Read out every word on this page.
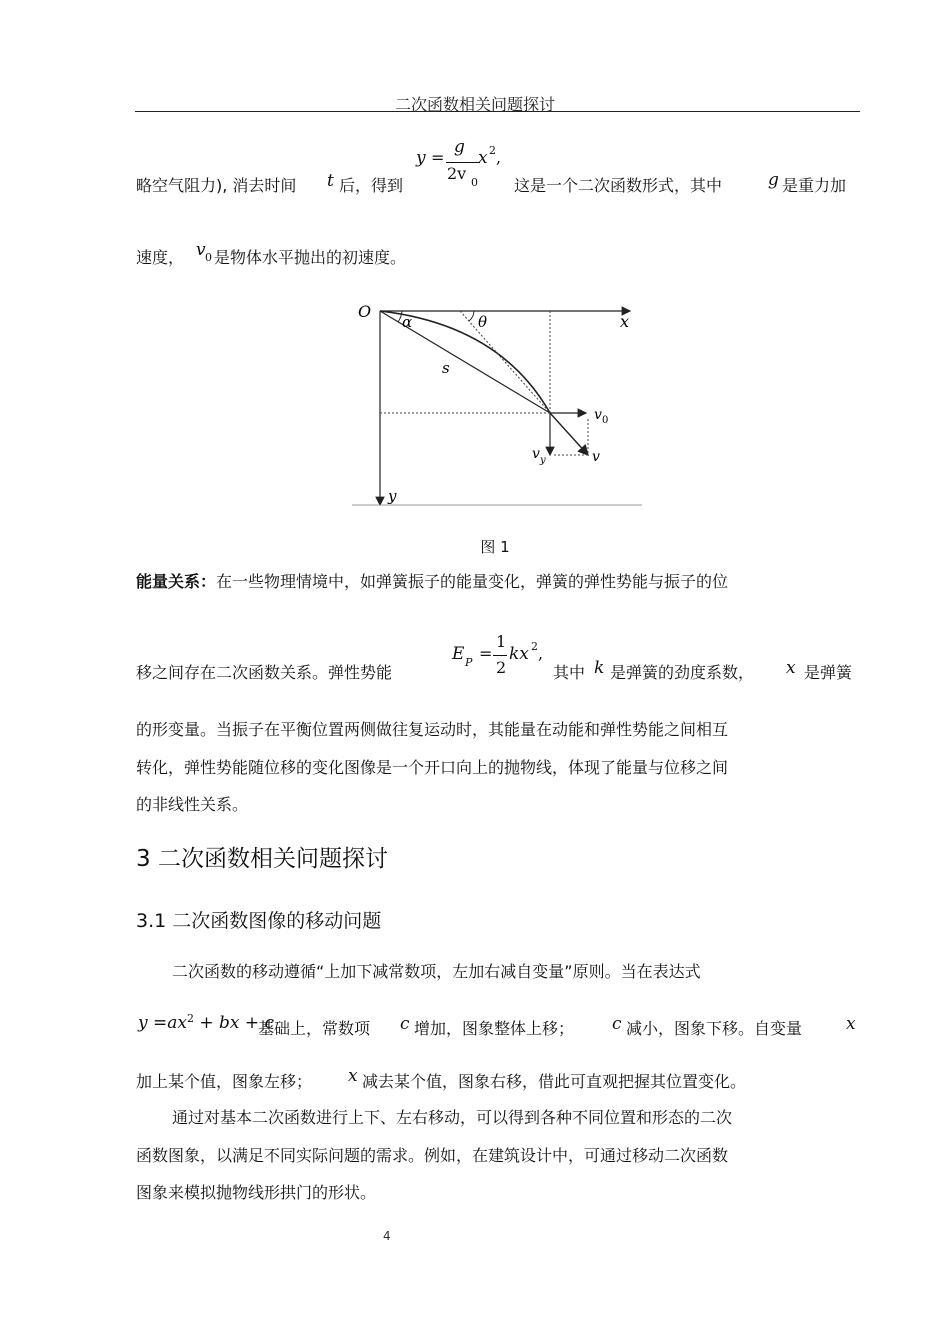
二次函数相关问题探讨
略空气阻力), 消去时间 t 后，得到
y =
g
2v 0
x 2 ,
这是一个二次函数形式，其中	g 是重力加
速度， v 0 是物体水平抛出的初速度。
O
x
y
α	θ
s
v 0
v y	v
图 1
能量关系：在一些物理情境中，如弹簧振子的能量变化，弹簧的弹性势能与振子的位
移之间存在二次函数关系。弹性势能
E P =
1
2
kx 2 ,
其中 k 是弹簧的劲度系数， x 是弹簧
的形变量。当振子在平衡位置两侧做往复运动时，其能量在动能和弹性势能之间相互
转化，弹性势能随位移的变化图像是一个开口向上的抛物线，体现了能量与位移之间
的非线性关系。
3 二次函数相关问题探讨
3.1 二次函数图像的移动问题
二次函数的移动遵循“上加下减常数项，左加右减自变量”原则。当在表达式
$y =ax^2$ + bx + c
基础上，常数项 c 增加，图象整体上移； c 减小，图象下移。自变量	x
加上某个值，图象左移； x 减去某个值，图象右移，借此可直观把握其位置变化。
通过对基本二次函数进行上下、左右移动，可以得到各种不同位置和形态的二次
函数图象，以满足不同实际问题的需求。例如，在建筑设计中，可通过移动二次函数
图象来模拟抛物线形拱门的形状。
4
